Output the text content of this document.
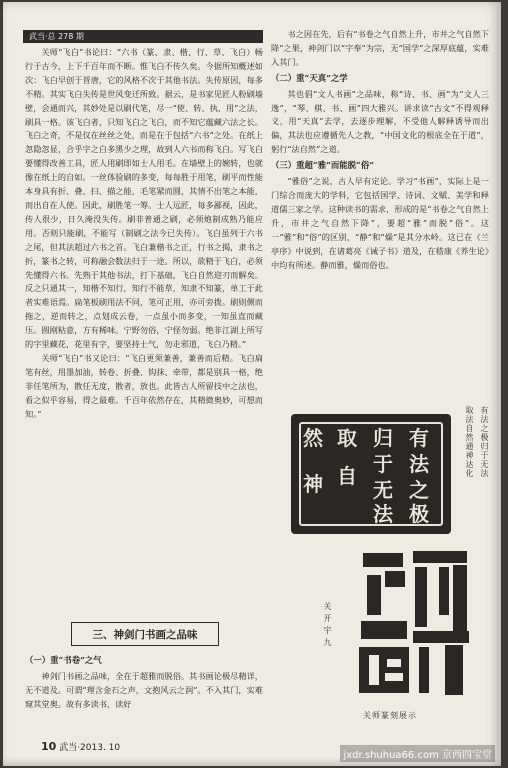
武当·总 278 期

关师“飞白”书论曰：“六书（篆、隶、楷、行、草、飞白）畅行于古今，上下千百年而不断。惟飞白不传久矣。今据所知概述如次：飞白早创于晋唐，它的风格不次于其他书法。失传原因，每多不精。其实飞白失传是世风变迁所致。据云，是书家见匠人粉刷墙壁，会通而兴，其妙处是以刷代笔，尽一“使、转、执、用”之法，刷具一格。该飞白者，只知飞白之飞白，而不知它蕴藏六法之长。飞白之奇，不是仅在丝丝之处，而是在于包括“六书”之处。在纸上忽隐忽显，合乎字之白多黑少之理，故到人六书而称飞白。写飞白要懂得改善工具，匠人用刷即如士人用毛。在墙壁上的婉转，也就像在纸上的自如。一丝体验刷的多变，每每胜于用笔，刷平而性能本身具有折、叠、扫、描之能，毛笔紧而圆，其情不出笔之本能，而出自在人使。因此，刷胜笔一筹。士人远匠，每多鄙视，因此，传人很少，日久淹没失传。刷非普通之刷，必须炮制成熟乃能应用。否则只能刷，不能写（制刷之法今已失传）。飞白虽列于六书之尾，但其法超过六书之首。飞白兼楷书之正，行书之揭，隶书之折，篆书之转，可称融会数法归于一途。所以，欲精于飞白，必须先懂得六书。先熟于其他书法，打下基础，飞白自然迎刃而解矣。反之只通其一，知楷不知行，知行不能草，知隶不知篆，单工于此者实难语焉。扁笔板刷用法不同，笔可正用，亦可旁拨。刷则侧而拖之，逆而转之，点划成云卷，一点虽小而多变，一知虽直而藏压。圆刚粘意，方有稀味。宁野勿俗，宁怪勿弱。绝非江湖上所写的字里藏花，花里有字，要坚持士气，勿走邪道，飞白乃精。”

关师“飞白”书又论曰：“飞白更须兼善，兼善而后精。飞白扁笔有丝，用墨加油，转卷、折叠、钩抹、牵带，都是别具一格，绝非任笔所为，散任无度，散者，放也。此皆古人所留技中之法也，看之似乎容易，得之最难。千百年依然存在，其精微奥妙，可想而知。”

书之因在先，后有“书卷之气自然上升，市井之气自然下降”之果，神剑门以“字奉”为宗，无“国学”之深厚底蕴，实难入其门。

（二）重“天真”之学

其也倡“文人书画”之品味，称“诗、书、画”为“文人三逸”，“琴、棋、书、画”四大雅兴。讲求读“古文”不得观释义，用“天真”去学，去逐步理解，不受他人解释诱导而出偏，其法也应遵循先人之教，“中国文化的根底全在于道”，躬行“法自然”之道。

（三）重超“雅”而能脱“俗”

“雅俗”之说，古人早有定论。学习“书画”，实际上是一门综合而庞大的学科，它包括国学、诗词、文赋、美学和释道儒三家之学。这种读书的需求，形成的是“书卷之气自然上升，市井之气自然下降”，要超“雅”而脱“俗”。这一“雅”和“俗”的区别，“静”和“燥”是其分水岭。这已在《兰亭序》中说到，在诸葛亮《诫子书》道及，在嵇康《养生论》中均有所述。静而雅，燥而俗也。

三、神剑门书画之品味
（一）重“书卷”之气

神剑门书画之品味，全在于超雅而脱俗。其书画论极尽精详，无不道及。可谓“理含金石之声，文抱风云之润”。不入其门，实难窥其堂奥。故有多读书，读好

有
法
之
极
归
于
无
法
取
自
然
神
有法之极归于无法
取法自然通神达化
关开宇九
关师篆刻展示
10 武当·2013. 10
jxdr.shuhua66.com 京西四宝堂
